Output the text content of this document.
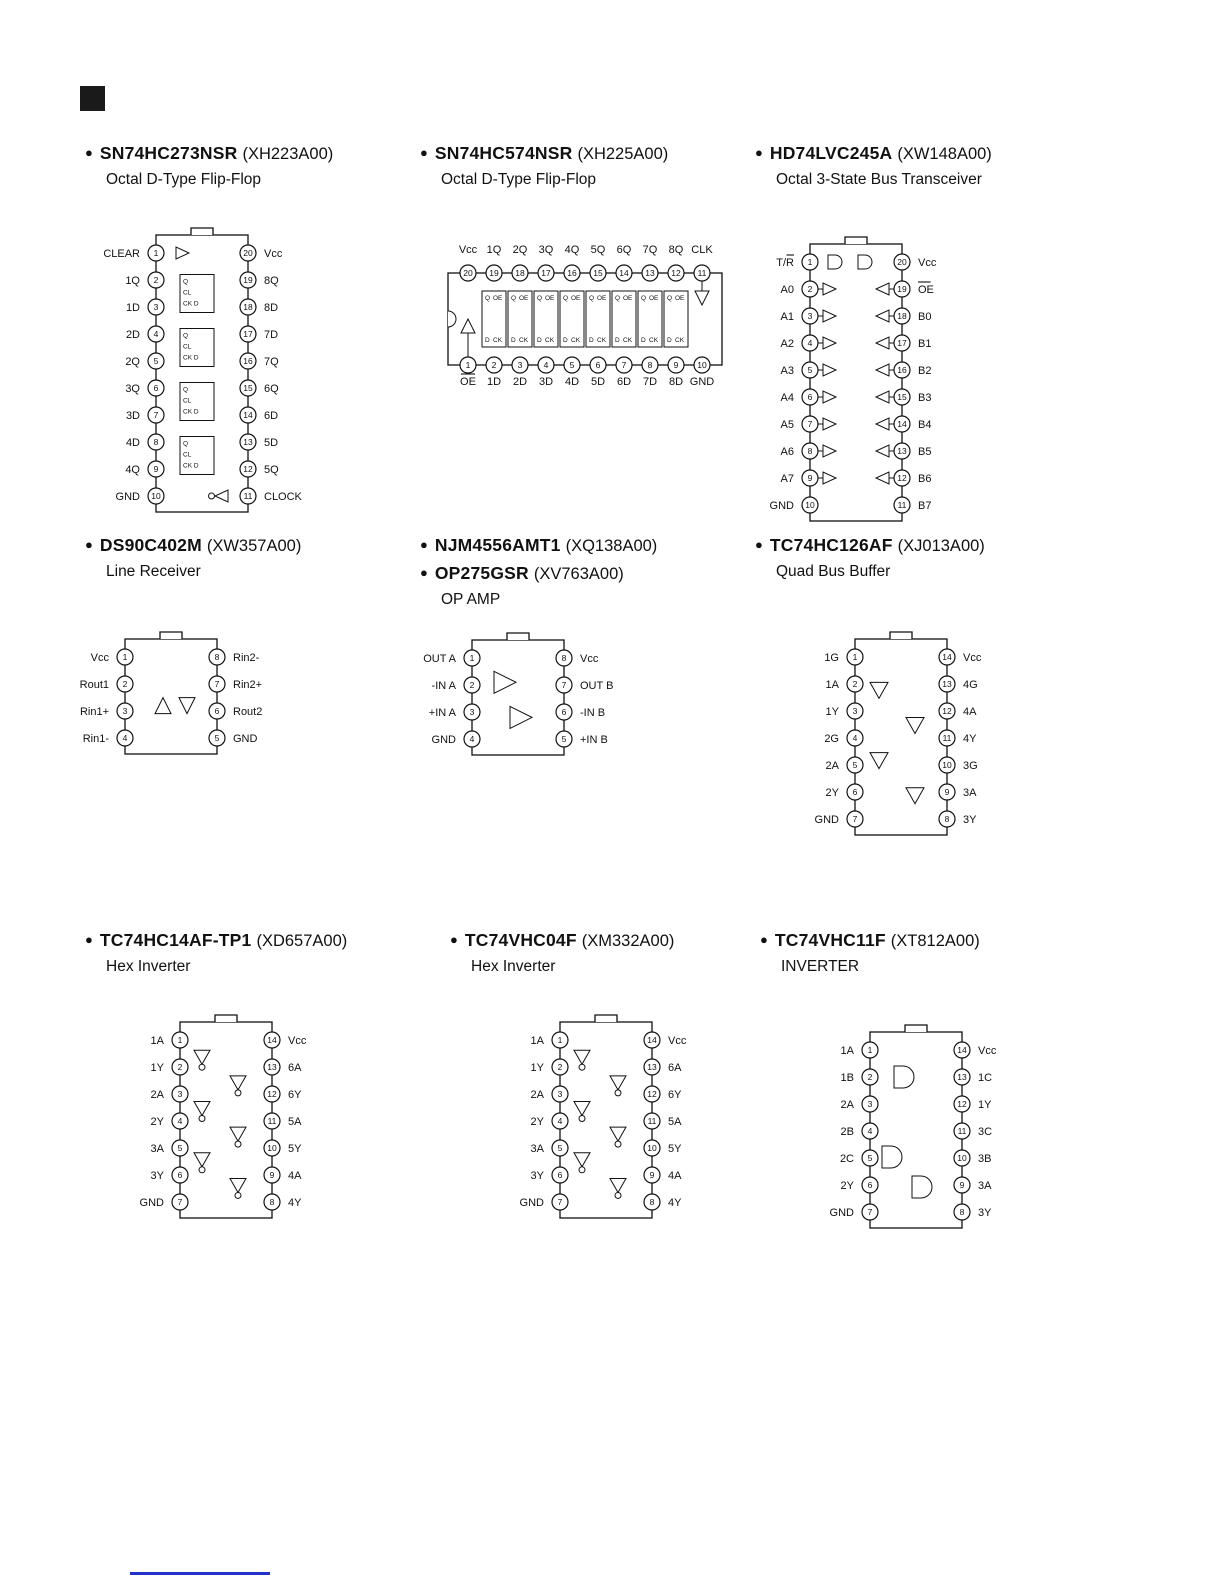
● SN74HC273NSR (XH223A00)
Octal D-Type Flip-Flop
Q
CL
CK D
Q
CL
CK D
Q
CL
CK D
Q
CL
CK D
1
CLEAR
2
1Q
3
1D
4
2D
5
2Q
6
3Q
7
3D
8
4D
9
4Q
10
GND
20 Vcc
19 8Q
18 8D
17 7D
16 7Q
15 6Q
14 6D
13 5D
12 5Q
11 CLOCK
● SN74HC574NSR (XH225A00)
Octal D-Type Flip-Flop
Q OE
D CK
Q OE
D CK
Q OE
D CK
Q OE
D CK
Q OE
D CK
Q OE
D CK
Q OE
D CK
Q OE
D CK
Vcc
20
1Q
19
2Q
18
3Q
17
4Q
16
5Q
15
6Q
14
7Q
13
8Q
12
CLK
11
1
OE
2
1D
3
2D
4
3D
5
4D
6
5D
7
6D
8
7D
9
8D
10
GND
● HD74LVC245A (XW148A00)
Octal 3-State Bus Transceiver
1
T/R
2
A0
3
A1
4
A2
5
A3
6
A4
7
A5
8
A6
9
A7
10
GND
20 Vcc
19 OE
18 B0
17 B1
16 B2
15 B3
14 B4
13 B5
12 B6
11 B7
● DS90C402M (XW357A00)
Line Receiver
1
Vcc
2
Rout1
3
Rin1+
4
Rin1-
8 Rin2-
7 Rin2+
6 Rout2
5 GND
● NJM4556AMT1 (XQ138A00)
● OP275GSR (XV763A00)
OP AMP
1
OUT A
2
-IN A
3
+IN A
4
GND
8 Vcc
7 OUT B
6 -IN B
5 +IN B
● TC74HC126AF (XJ013A00)
Quad Bus Buffer
1
1G
2
1A
3
1Y
4
2G
5
2A
6
2Y
7
GND
14 Vcc
13 4G
12 4A
11 4Y
10 3G
9 3A
8 3Y
● TC74HC14AF-TP1 (XD657A00)
Hex Inverter
1
1A
2
1Y
3
2A
4
2Y
5
3A
6
3Y
7
GND
14 Vcc
13 6A
12 6Y
11 5A
10 5Y
9 4A
8 4Y
● TC74VHC04F (XM332A00)
Hex Inverter
1
1A
2
1Y
3
2A
4
2Y
5
3A
6
3Y
7
GND
14 Vcc
13 6A
12 6Y
11 5A
10 5Y
9 4A
8 4Y
● TC74VHC11F (XT812A00)
INVERTER
1
1A
2
1B
3
2A
4
2B
5
2C
6
2Y
7
GND
14 Vcc
13 1C
12 1Y
11 3C
10 3B
9 3A
8 3Y
